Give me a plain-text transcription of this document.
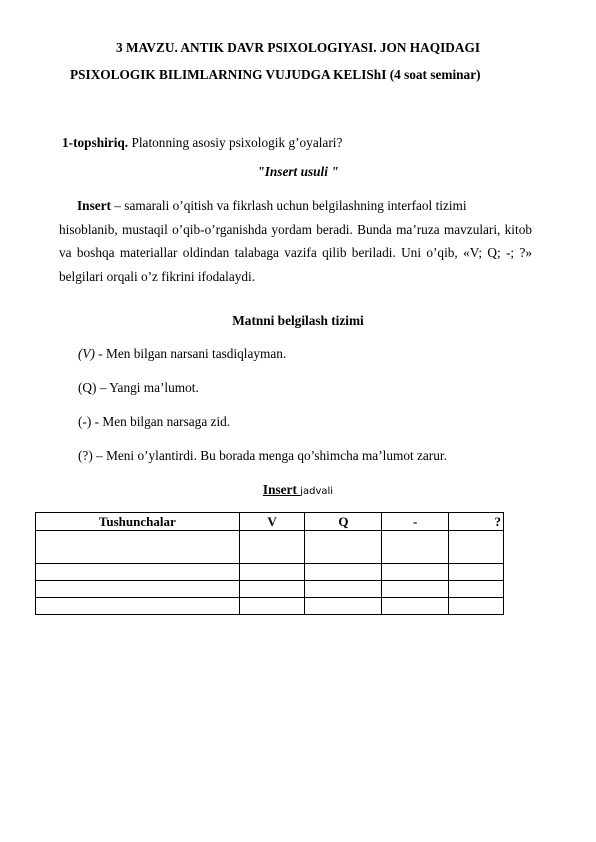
3 MAVZU. ANTIK DAVR PSIXOLOGIYASI. JON HAQIDAGI
PSIXOLOGIK BILIMLARNING VUJUDGA KELIShI (4 soat seminar)
1-topshiriq. Platonning asosiy psixologik g’oyalari?
"Insert usuli "
Insert – samarali o’qitish va fikrlash uchun belgilashning interfaol tizimi
hisoblanib, mustaqil o’qib-o’rganishda yordam beradi. Bunda ma’ruza mavzulari, kitob va boshqa materiallar oldindan talabaga vazifa qilib beriladi. Uni o’qib, «V; Q; -; ?» belgilari orqali o’z fikrini ifodalaydi.
Matnni belgilash tizimi
(V) - Men bilgan narsani tasdiqlayman.
(Q) – Yangi ma’lumot.
(-) - Men bilgan narsaga zid.
(?) – Meni o’ylantirdi. Bu borada menga qo’shimcha ma’lumot zarur.
Insert jadvali
Tushunchalar	V	Q	-	?
